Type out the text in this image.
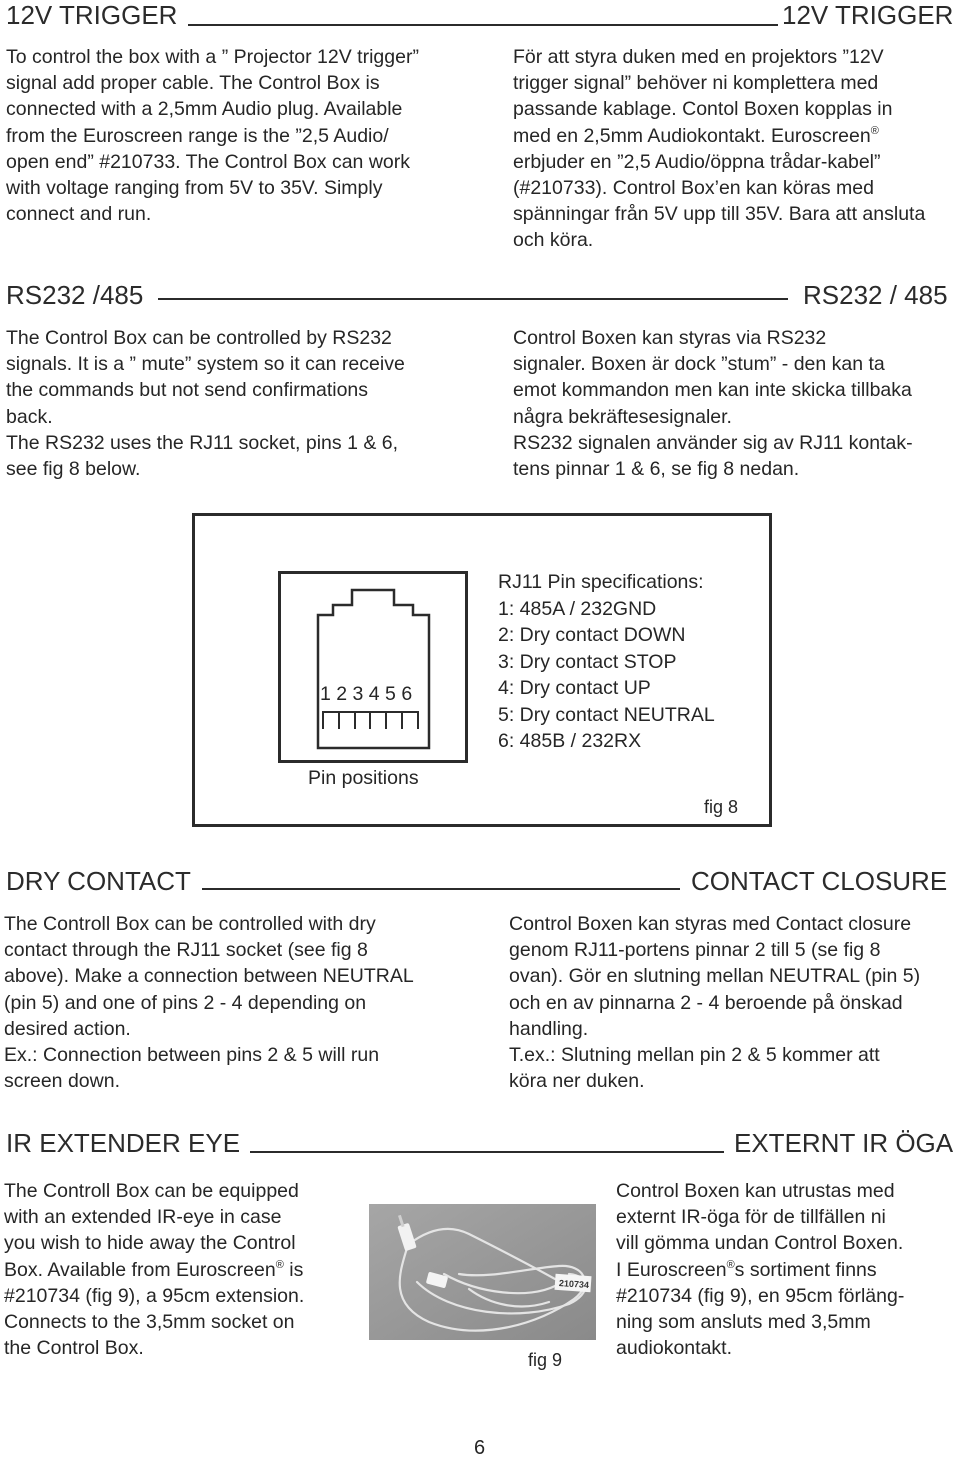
12V TRIGGER	12V TRIGGER
To control the box with a ” Projector 12V trigger”
signal add proper cable. The Control Box is
connected with a 2,5mm Audio plug. Available
from the Euroscreen range is the ”2,5 Audio/
open end” #210733. The Control Box can work
with voltage ranging from 5V to 35V. Simply
connect and run.
För att styra duken med en projektors ”12V
trigger signal” behöver ni komplettera med
passande kablage. Contol Boxen kopplas in
med en 2,5mm Audiokontakt. Euroscreen®
erbjuder en ”2,5 Audio/öppna trådar-kabel”
(#210733). Control Box’en kan köras med
spänningar från 5V upp till 35V. Bara att ansluta
och köra.
RS232 /485	RS232 / 485
The Control Box can be controlled by RS232
signals. It is a ” mute” system so it can receive
the commands but not send confirmations
back.
The RS232 uses the RJ11 socket, pins 1 & 6,
see fig 8 below.
Control Boxen kan styras via RS232
signaler. Boxen är dock ”stum” - den kan ta
emot kommandon men kan inte skicka tillbaka
några bekräftesesignaler.
RS232 signalen använder sig av RJ11 kontak-
tens pinnar 1 & 6, se fig 8 nedan.
1 2 3 4 5 6
Pin positions
RJ11 Pin specifications:
1: 485A / 232GND
2: Dry contact DOWN
3: Dry contact STOP
4: Dry contact UP
5: Dry contact NEUTRAL
6: 485B / 232RX
fig 8
DRY CONTACT	CONTACT CLOSURE
The Controll Box can be controlled with dry
contact through the RJ11 socket (see fig 8
above). Make a connection between NEUTRAL
(pin 5) and one of pins 2 - 4 depending on
desired action.
Ex.: Connection between pins 2 & 5 will run
screen down.
Control Boxen kan styras med Contact closure
genom RJ11-portens pinnar 2 till 5 (se fig 8
ovan). Gör en slutning mellan NEUTRAL (pin 5)
och en av pinnarna 2 - 4 beroende på önskad
handling.
T.ex.: Slutning mellan pin 2 & 5 kommer att
köra ner duken.
IR EXTENDER EYE	EXTERNT IR ÖGA
The Controll Box can be equipped
with an extended IR-eye in case
you wish to hide away the Control
Box. Available from Euroscreen® is
#210734 (fig 9), a 95cm extension.
Connects to the 3,5mm socket on
the Control Box.
210734
fig 9
Control Boxen kan utrustas med
externt IR-öga för de tillfällen ni
vill gömma undan Control Boxen.
I Euroscreen®s sortiment finns
#210734 (fig 9), en 95cm förläng-
ning som ansluts med 3,5mm
audiokontakt.
6
